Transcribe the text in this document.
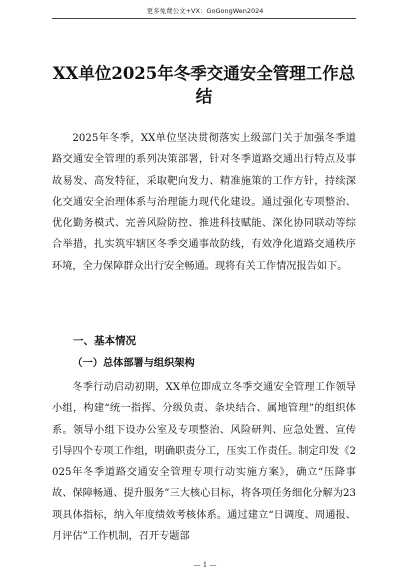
更多免费公文+VX：GoGongWen2024
XX单位2025年冬季交通安全管理工作总结

2025年冬季，XX单位坚决贯彻落实上级部门关于加强冬季道路交通安全管理的系列决策部署，针对冬季道路交通出行特点及事故易发、高发特征，采取靶向发力、精准施策的工作方针，持续深化交通安全治理体系与治理能力现代化建设。通过强化专项整治、优化勤务模式、完善风险防控、推进科技赋能、深化协同联动等综合举措，扎实筑牢辖区冬季交通事故防线，有效净化道路交通秩序环境，全力保障群众出行安全畅通。现将有关工作情况报告如下。

一、基本情况

（一）总体部署与组织架构

冬季行动启动初期，XX单位即成立冬季交通安全管理工作领导小组，构建“统一指挥、分级负责、条块结合、属地管理”的组织体系。领导小组下设办公室及专项整治、风险研判、应急处置、宣传引导四个专项工作组，明确职责分工，压实工作责任。制定印发《2025年冬季道路交通安全管理专项行动实施方案》，确立“压降事故、保障畅通、提升服务”三大核心目标，将各项任务细化分解为23项具体指标，纳入年度绩效考核体系。通过建立“日调度、周通报、月评估”工作机制，召开专题部

— 1 —
